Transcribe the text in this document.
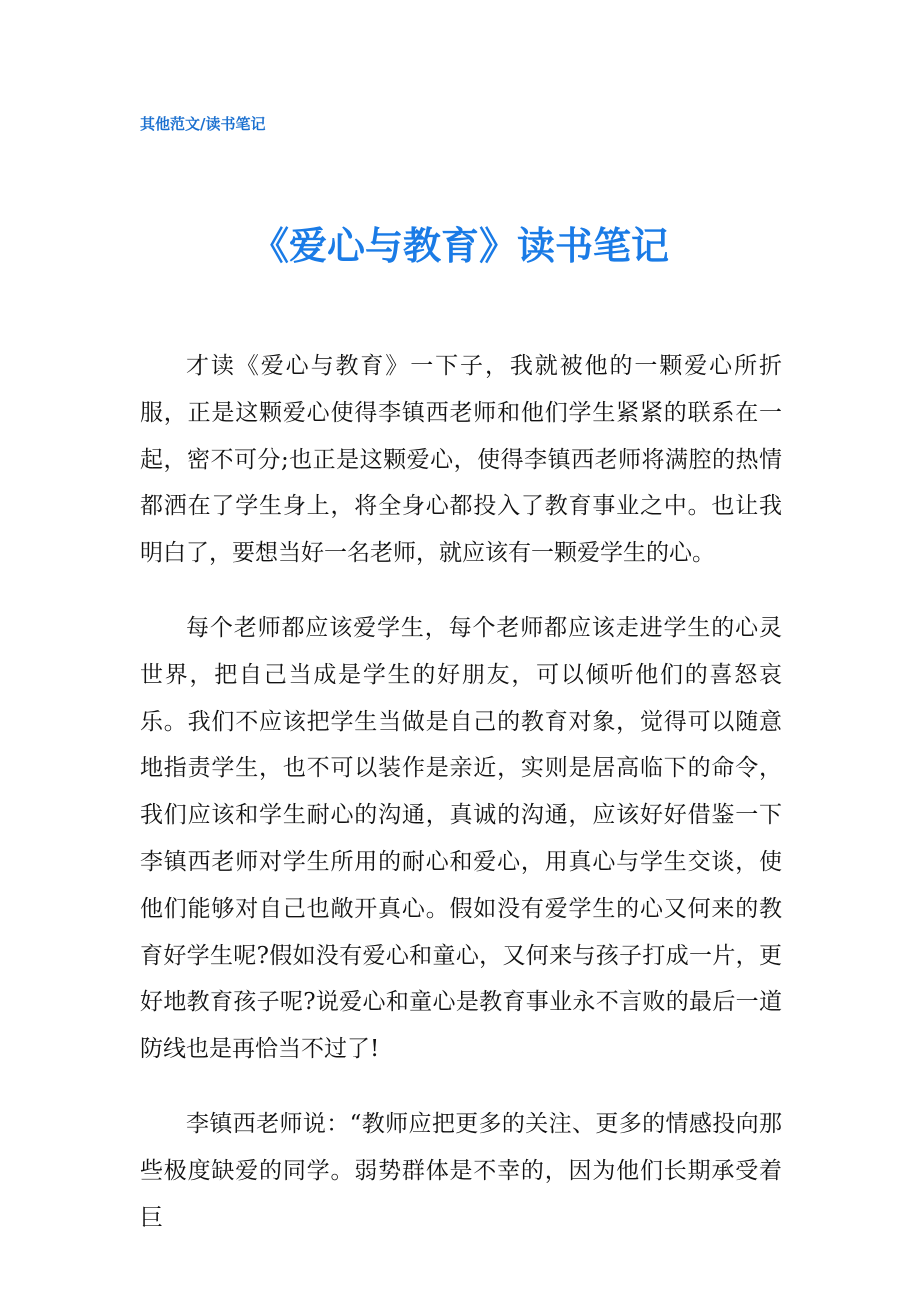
其他范文/读书笔记
《爱心与教育》读书笔记

才读《爱心与教育》一下子，我就被他的一颗爱心所折服，正是这颗爱心使得李镇西老师和他们学生紧紧的联系在一起，密不可分;也正是这颗爱心，使得李镇西老师将满腔的热情都洒在了学生身上，将全身心都投入了教育事业之中。也让我明白了，要想当好一名老师，就应该有一颗爱学生的心。

每个老师都应该爱学生，每个老师都应该走进学生的心灵世界，把自己当成是学生的好朋友，可以倾听他们的喜怒哀乐。我们不应该把学生当做是自己的教育对象，觉得可以随意地指责学生，也不可以装作是亲近，实则是居高临下的命令，我们应该和学生耐心的沟通，真诚的沟通，应该好好借鉴一下李镇西老师对学生所用的耐心和爱心，用真心与学生交谈，使他们能够对自己也敞开真心。假如没有爱学生的心又何来的教育好学生呢?假如没有爱心和童心，又何来与孩子打成一片，更好地教育孩子呢?说爱心和童心是教育事业永不言败的最后一道防线也是再恰当不过了!

李镇西老师说：“教师应把更多的关注、更多的情感投向那些极度缺爱的同学。弱势群体是不幸的，因为他们长期承受着巨
